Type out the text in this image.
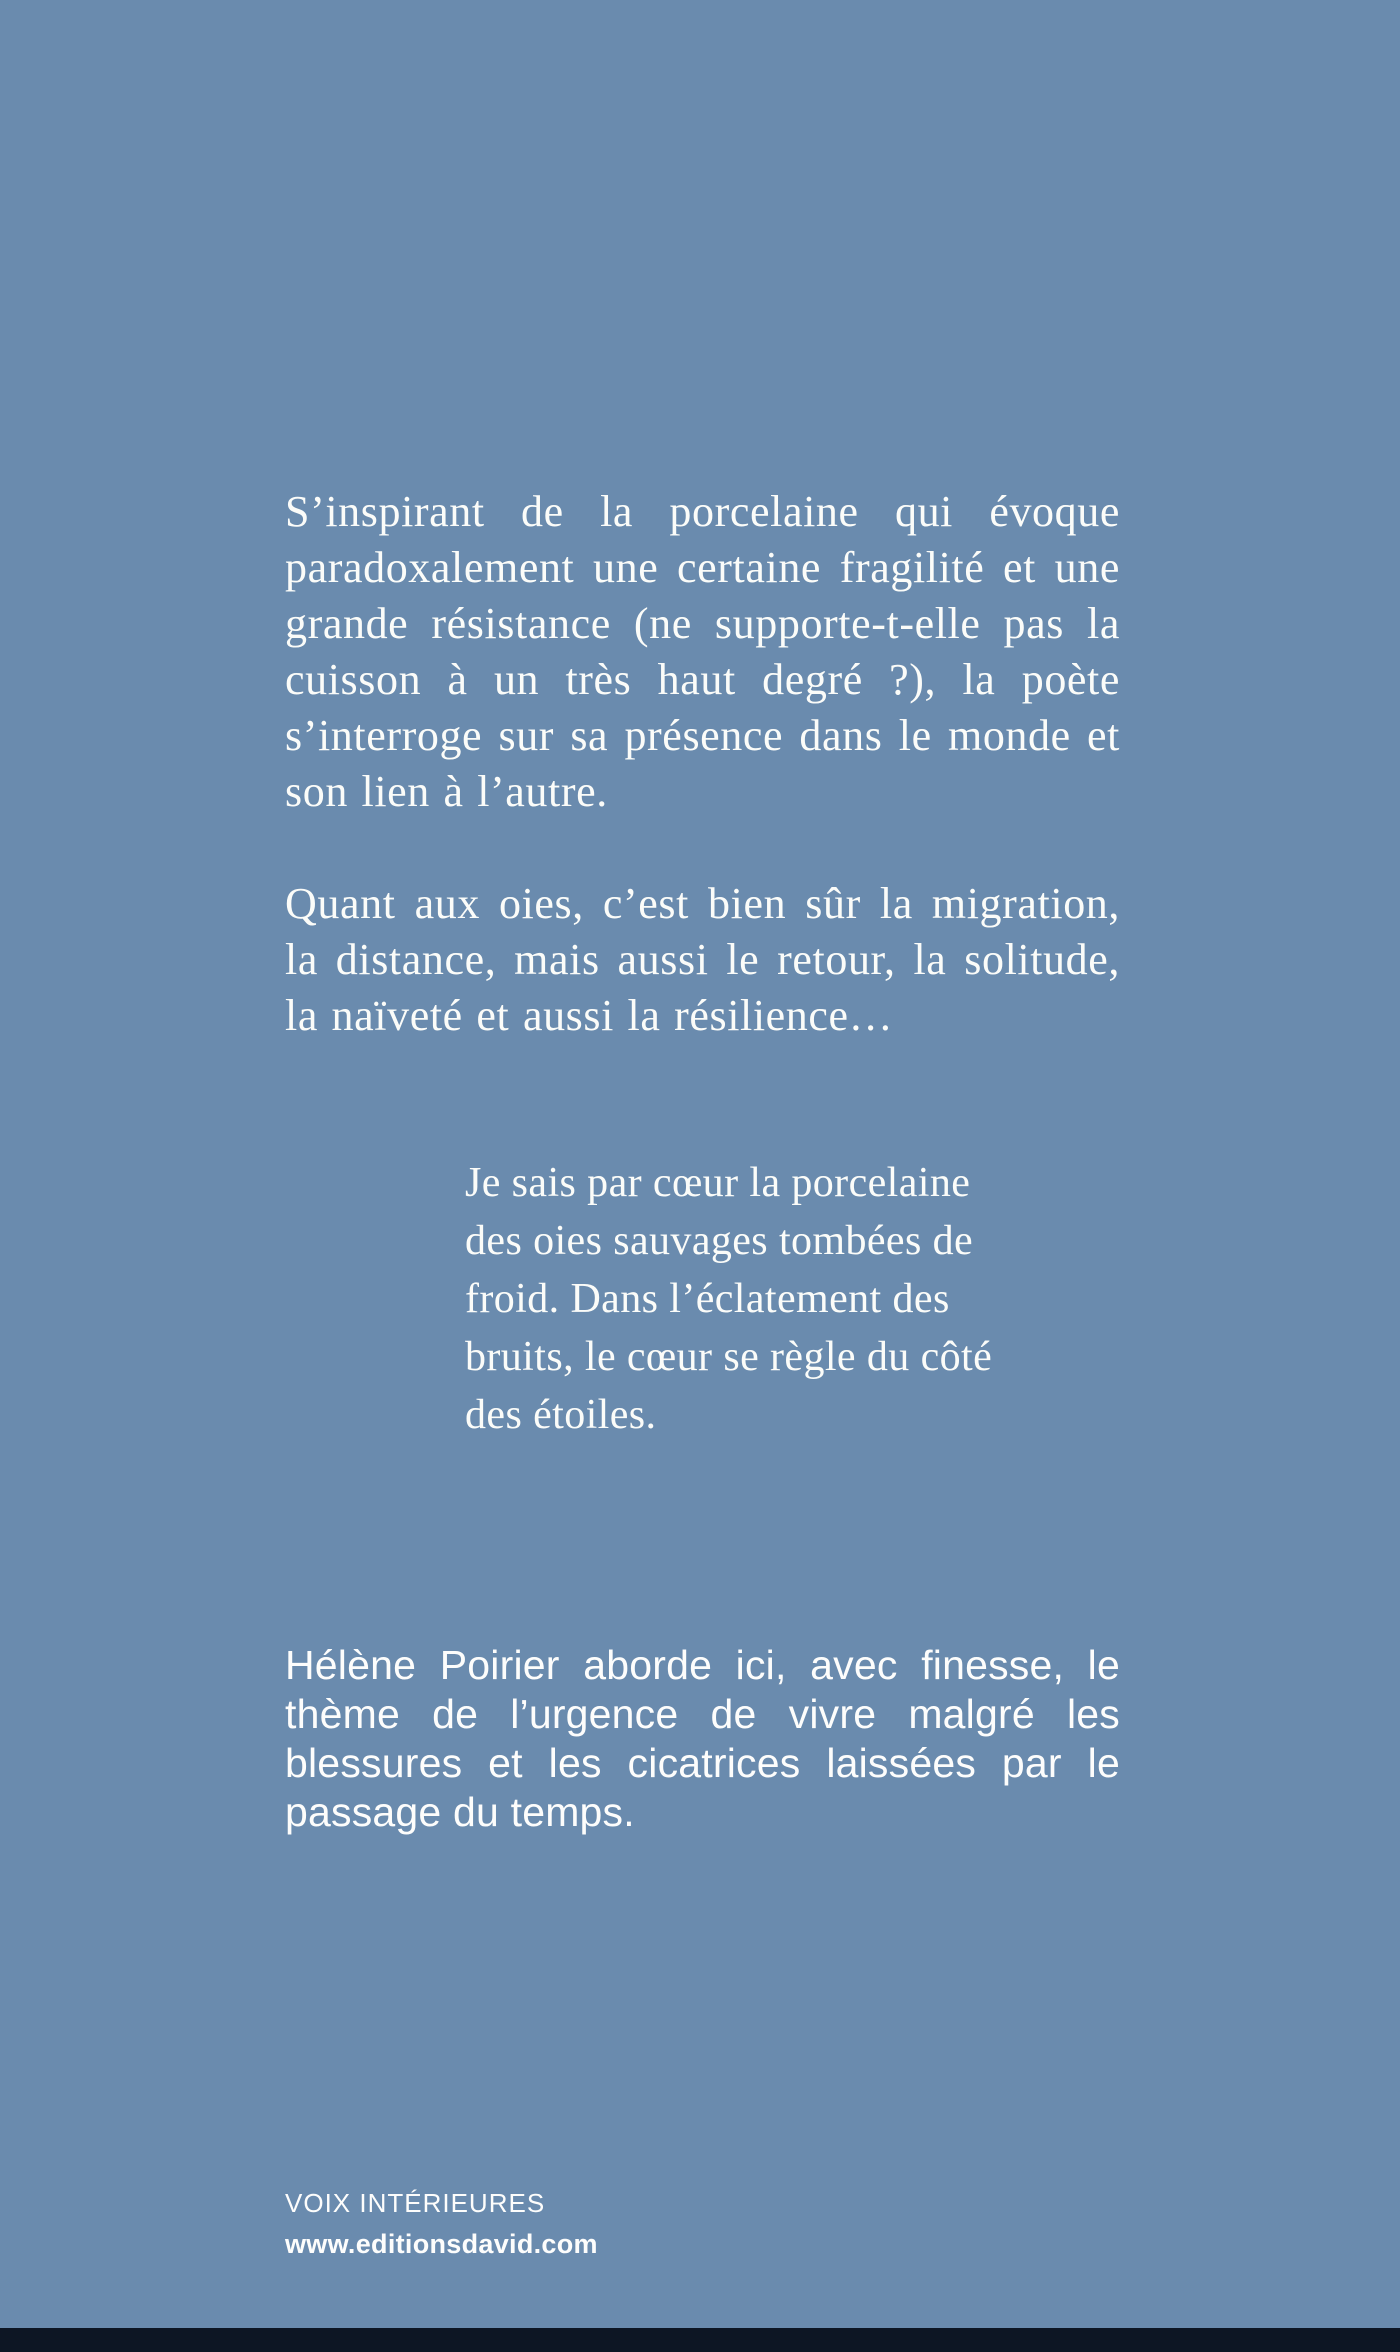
S’inspirant de la porcelaine qui évoque paradoxalement une certaine fragilité et une grande résistance (ne supporte-t-elle pas la cuisson à un très haut degré ?), la poète s’interroge sur sa présence dans le monde et son lien à l’autre.

Quant aux oies, c’est bien sûr la migration, la distance, mais aussi le retour, la solitude, la naïveté et aussi la résilience…

Je sais par cœur la porcelaine des oies sauvages tombées de froid. Dans l’éclatement des bruits, le cœur se règle du côté des étoiles.

Hélène Poirier aborde ici, avec finesse, le thème de l’urgence de vivre malgré les blessures et les cicatrices laissées par le passage du temps.

VOIX INTÉRIEURES
www.editionsdavid.com
